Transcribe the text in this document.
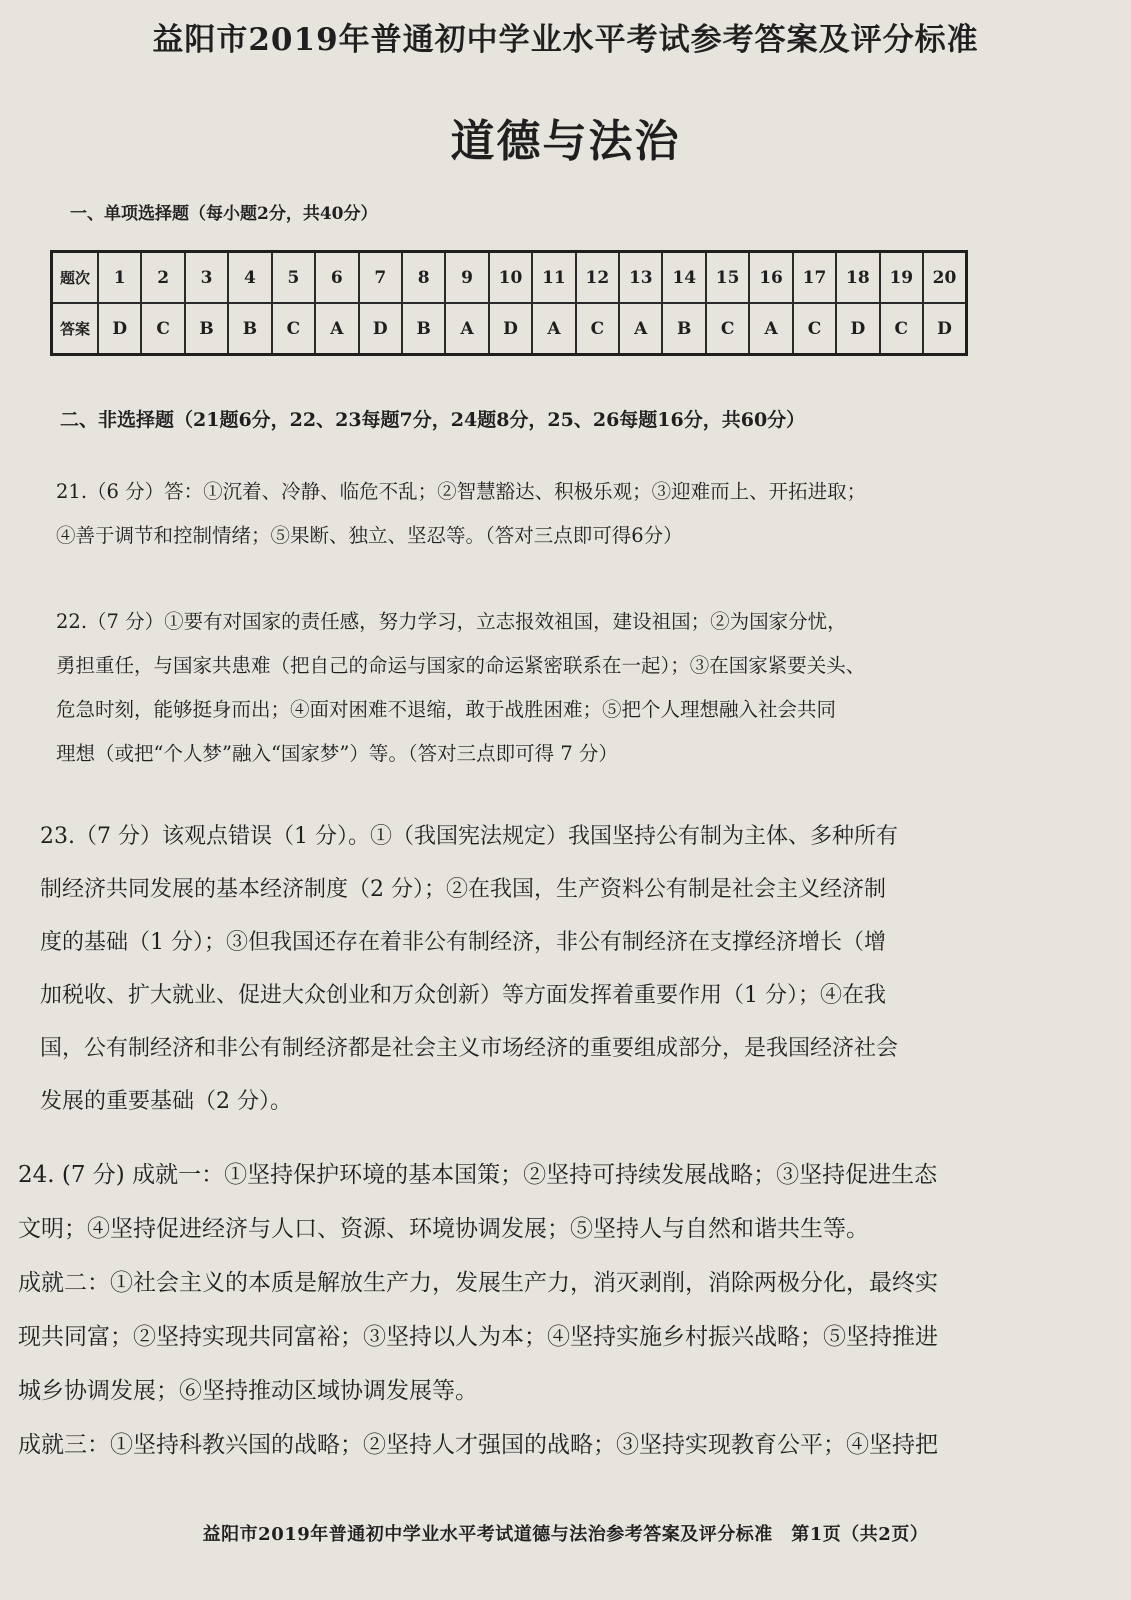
益阳市2019年普通初中学业水平考试参考答案及评分标准
道德与法治
一、单项选择题（每小题2分，共40分）
题次	1	2	3	4	5	6	7	8	9	10	11	12	13	14	15	16	17	18	19	20
答案	D	C	B	B	C	A	D	B	A	D	A	C	A	B	C	A	C	D	C	D
二、非选择题（21题6分，22、23每题7分，24题8分，25、26每题16分，共60分）
21.（6 分）答：①沉着、冷静、临危不乱；②智慧豁达、积极乐观；③迎难而上、开拓进取；
④善于调节和控制情绪；⑤果断、独立、坚忍等。（答对三点即可得6分）
22.（7 分）①要有对国家的责任感，努力学习，立志报效祖国，建设祖国；②为国家分忧，
勇担重任，与国家共患难（把自己的命运与国家的命运紧密联系在一起）；③在国家紧要关头、
危急时刻，能够挺身而出；④面对困难不退缩，敢于战胜困难；⑤把个人理想融入社会共同
理想（或把“个人梦”融入“国家梦”）等。（答对三点即可得 7 分）
23.（7 分）该观点错误（1 分）。①（我国宪法规定）我国坚持公有制为主体、多种所有
制经济共同发展的基本经济制度（2 分）；②在我国，生产资料公有制是社会主义经济制
度的基础（1 分）；③但我国还存在着非公有制经济，非公有制经济在支撑经济增长（增
加税收、扩大就业、促进大众创业和万众创新）等方面发挥着重要作用（1 分）；④在我
国，公有制经济和非公有制经济都是社会主义市场经济的重要组成部分，是我国经济社会
发展的重要基础（2 分）。
24. (7 分) 成就一：①坚持保护环境的基本国策；②坚持可持续发展战略；③坚持促进生态
文明；④坚持促进经济与人口、资源、环境协调发展；⑤坚持人与自然和谐共生等。
成就二：①社会主义的本质是解放生产力，发展生产力，消灭剥削，消除两极分化，最终实
现共同富；②坚持实现共同富裕；③坚持以人为本；④坚持实施乡村振兴战略；⑤坚持推进
城乡协调发展；⑥坚持推动区域协调发展等。
成就三：①坚持科教兴国的战略；②坚持人才强国的战略；③坚持实现教育公平；④坚持把
益阳市2019年普通初中学业水平考试道德与法治参考答案及评分标准　第1页（共2页）
